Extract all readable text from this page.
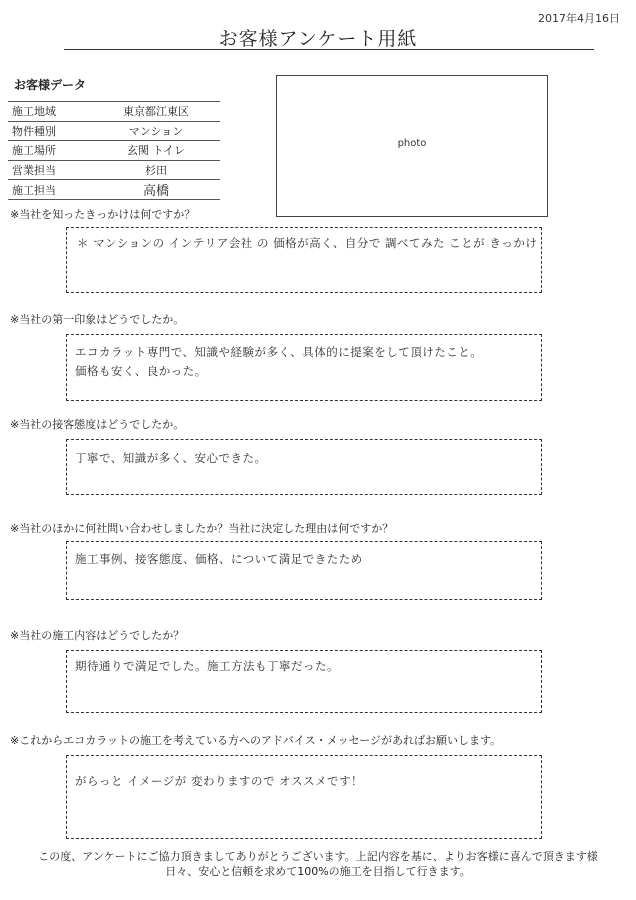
2017年4月16日
お客様アンケート用紙
お客様データ
施工地域	東京都江東区
物件種別	マンション
施工場所	玄関 トイレ
営業担当	杉田
施工担当	高橋
photo
※当社を知ったきっかけは何ですか？
＊ マンションの インテリア会社 の 価格が高く、自分で 調べてみた ことが きっかけ
※当社の第一印象はどうでしたか。
エコカラット専門で、知識や経験が多く、具体的に提案をして頂けたこと。
価格も安く、良かった。
※当社の接客態度はどうでしたか。
丁寧で、知識が多く、安心できた。
※当社のほかに何社問い合わせしましたか？当社に決定した理由は何ですか？
施工事例、接客態度、価格、について満足できたため
※当社の施工内容はどうでしたか？
期待通りで満足でした。施工方法も丁寧だった。
※これからエコカラットの施工を考えている方へのアドバイス・メッセージがあればお願いします。
がらっと イメージが 変わりますので オススメです！
この度、アンケートにご協力頂きましてありがとうございます。上記内容を基に、よりお客様に喜んで頂きます様
日々、安心と信頼を求めて100%の施工を目指して行きます。
